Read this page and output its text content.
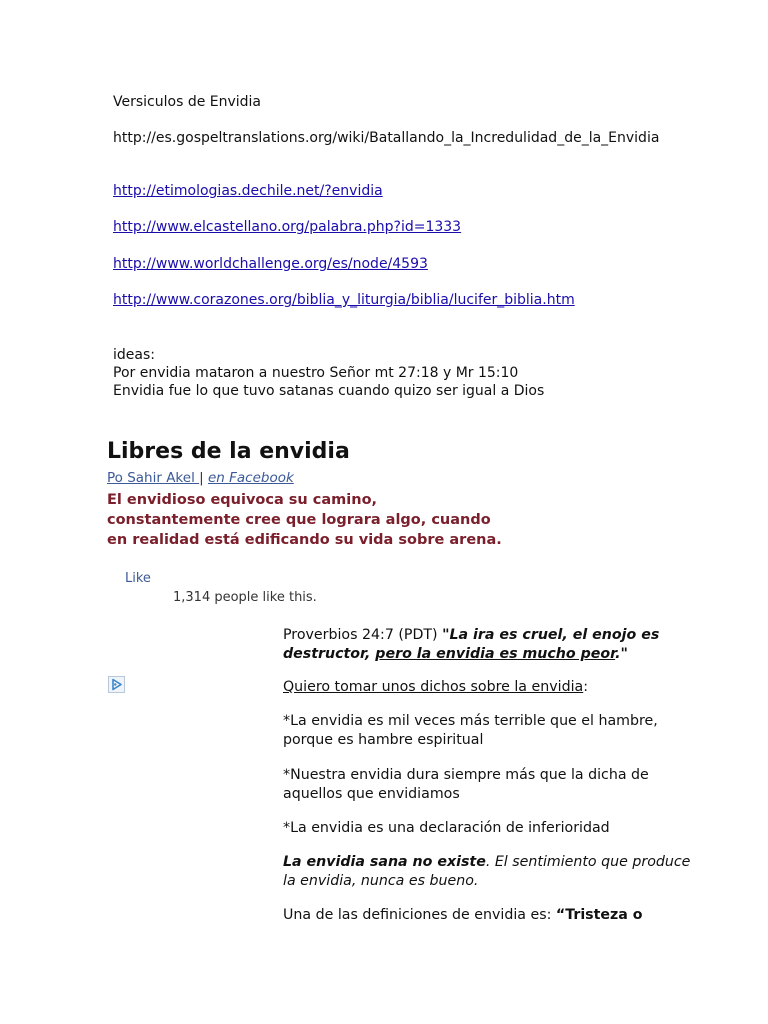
Versiculos de Envidia
http://es.gospeltranslations.org/wiki/Batallando_la_Incredulidad_de_la_Envidia
http://etimologias.dechile.net/?envidia
http://www.elcastellano.org/palabra.php?id=1333
http://www.worldchallenge.org/es/node/4593
http://www.corazones.org/biblia_y_liturgia/biblia/lucifer_biblia.htm
ideas:
Por envidia mataron a nuestro Señor mt 27:18 y Mr 15:10
Envidia fue lo que tuvo satanas cuando quizo ser igual a Dios
Libres de la envidia
Po Sahir Akel | en Facebook
El envidioso equivoca su camino,
constantemente cree que lograra algo, cuando
en realidad está edificando su vida sobre arena.
Like
1,314 people like this.

Proverbios 24:7 (PDT) "La ira es cruel, el enojo es destructor, pero la envidia es mucho peor."

Quiero tomar unos dichos sobre la envidia:

*La envidia es mil veces más terrible que el hambre, porque es hambre espiritual

*Nuestra envidia dura siempre más que la dicha de aquellos que envidiamos

*La envidia es una declaración de inferioridad

La envidia sana no existe. El sentimiento que produce la envidia, nunca es bueno.

Una de las definiciones de envidia es: “Tristeza o
